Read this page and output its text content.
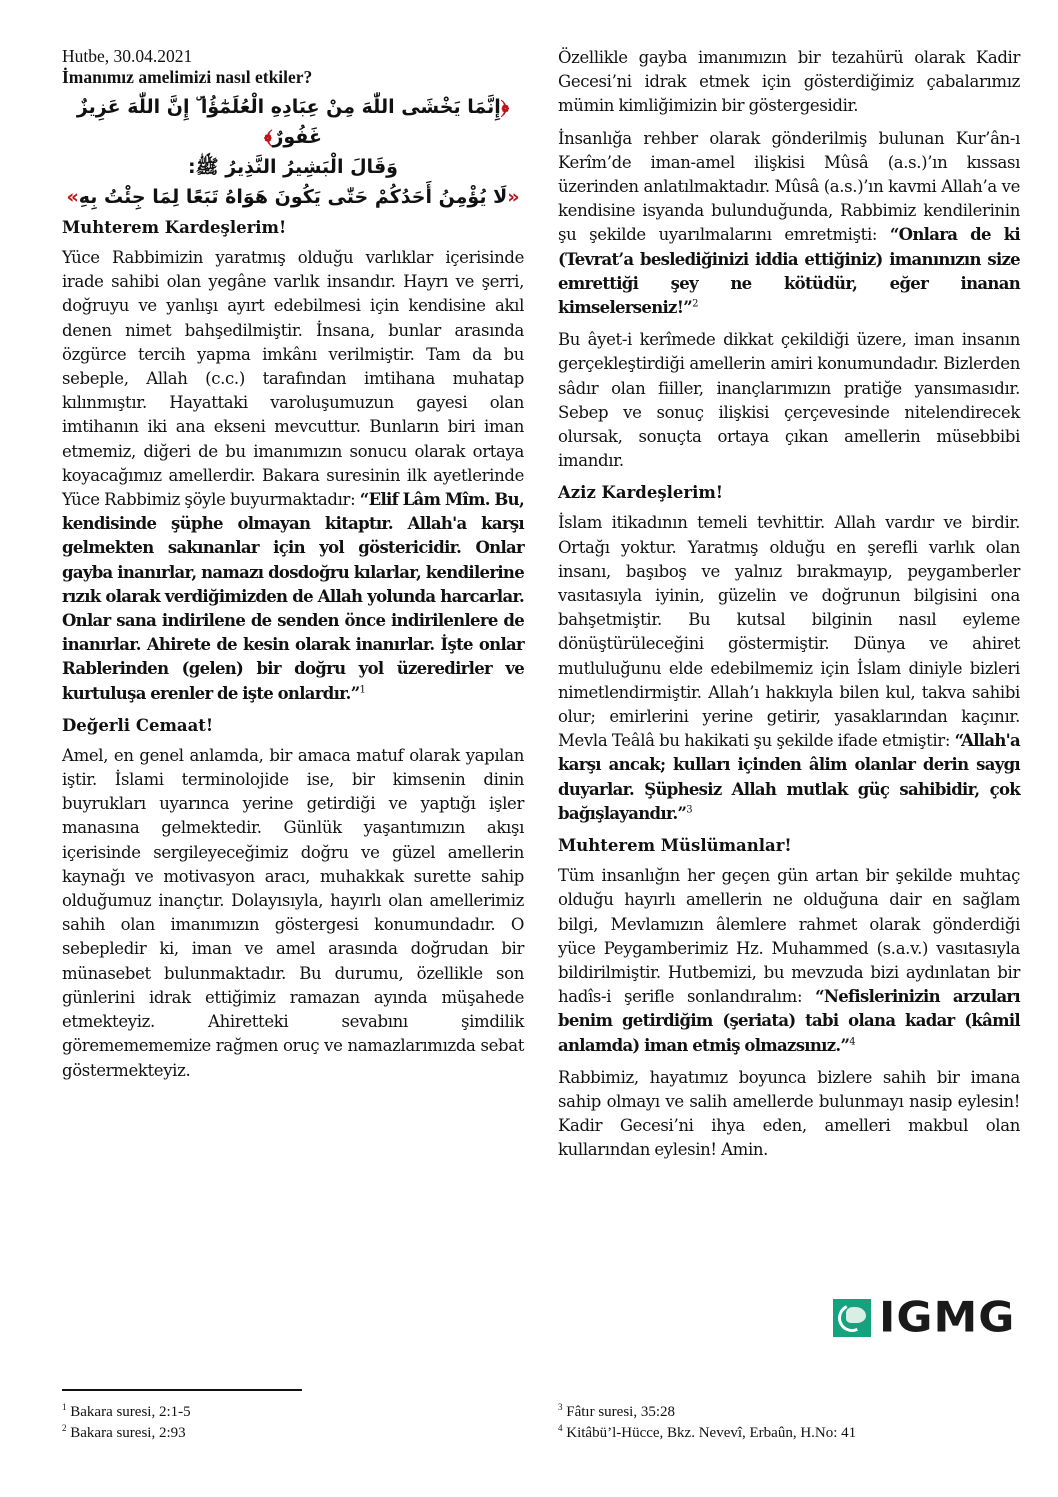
Hutbe, 30.04.2021
İmanımız amelimizi nasıl etkiler?
﴿إِنَّمَا يَخْشَى اللّٰهَ مِنْ عِبَادِهِ الْعُلَمٰٓؤُا ۜ إِنَّ اللّٰهَ عَزِيزٌ غَفُورٌ﴾
وَقَالَ الْبَشِيرُ النَّذِيرُ ﷺ:
«لَا يُؤْمِنُ أَحَدُكُمْ حَتّٰى يَكُونَ هَوَاهُ تَبَعًا لِمَا جِئْتُ بِهِ»
Muhterem Kardeşlerim!

Yüce Rabbimizin yaratmış olduğu varlıklar içerisinde irade sahibi olan yegâne varlık insandır. Hayrı ve şerri, doğruyu ve yanlışı ayırt edebilmesi için kendisine akıl denen nimet bahşedilmiştir. İnsana, bunlar arasında özgürce tercih yapma imkânı verilmiştir. Tam da bu sebeple, Allah (c.c.) tarafından imtihana muhatap kılınmıştır. Hayattaki varoluşumuzun gayesi olan imtihanın iki ana ekseni mevcuttur. Bunların biri iman etmemiz, diğeri de bu imanımızın sonucu olarak ortaya koyacağımız amellerdir. Bakara suresinin ilk ayetlerinde Yüce Rabbimiz şöyle buyurmaktadır: “Elif Lâm Mîm. Bu, kendisinde şüphe olmayan kitaptır. Allah'a karşı gelmekten sakınanlar için yol göstericidir. Onlar gayba inanırlar, namazı dosdoğru kılarlar, kendilerine rızık olarak verdiğimizden de Allah yolunda harcarlar. Onlar sana indirilene de senden önce indirilenlere de inanırlar. Ahirete de kesin olarak inanırlar. İşte onlar Rablerinden (gelen) bir doğru yol üzeredirler ve kurtuluşa erenler de işte onlardır.”$^1$

Değerli Cemaat!

Amel, en genel anlamda, bir amaca matuf olarak yapılan iştir. İslami terminolojide ise, bir kimsenin dinin buyrukları uyarınca yerine getirdiği ve yaptığı işler manasına gelmektedir. Günlük yaşantımızın akışı içerisinde sergileyeceğimiz doğru ve güzel amellerin kaynağı ve motivasyon aracı, muhakkak surette sahip olduğumuz inançtır. Dolayısıyla, hayırlı olan amellerimiz sahih olan imanımızın göstergesi konumundadır. O sebepledir ki, iman ve amel arasında doğrudan bir münasebet bulunmaktadır. Bu durumu, özellikle son günlerini idrak ettiğimiz ramazan ayında müşahede etmekteyiz. Ahiretteki sevabını şimdilik görememememize rağmen oruç ve namazlarımızda sebat göstermekteyiz.

Özellikle gayba imanımızın bir tezahürü olarak Kadir Gecesi’ni idrak etmek için gösterdiğimiz çabalarımız mümin kimliğimizin bir göstergesidir.

İnsanlığa rehber olarak gönderilmiş bulunan Kur’ân-ı Kerîm’de iman-amel ilişkisi Mûsâ (a.s.)’ın kıssası üzerinden anlatılmaktadır. Mûsâ (a.s.)’ın kavmi Allah’a ve kendisine isyanda bulunduğunda, Rabbimiz kendilerinin şu şekilde uyarılmalarını emretmişti: “Onlara de ki (Tevrat’a beslediğinizi iddia ettiğiniz) imanınızın size emrettiği şey ne kötüdür, eğer inanan kimselerseniz!”$^2$

Bu âyet-i kerîmede dikkat çekildiği üzere, iman insanın gerçekleştirdiği amellerin amiri konumundadır. Bizlerden sâdır olan fiiller, inançlarımızın pratiğe yansımasıdır. Sebep ve sonuç ilişkisi çerçevesinde nitelendirecek olursak, sonuçta ortaya çıkan amellerin müsebbibi imandır.

Aziz Kardeşlerim!

İslam itikadının temeli tevhittir. Allah vardır ve birdir. Ortağı yoktur. Yaratmış olduğu en şerefli varlık olan insanı, başıboş ve yalnız bırakmayıp, peygamberler vasıtasıyla iyinin, güzelin ve doğrunun bilgisini ona bahşetmiştir. Bu kutsal bilginin nasıl eyleme dönüştürüleceğini göstermiştir. Dünya ve ahiret mutluluğunu elde edebilmemiz için İslam diniyle bizleri nimetlendirmiştir. Allah’ı hakkıyla bilen kul, takva sahibi olur; emirlerini yerine getirir, yasaklarından kaçınır. Mevla Teâlâ bu hakikati şu şekilde ifade etmiştir: “Allah'a karşı ancak; kulları içinden âlim olanlar derin saygı duyarlar. Şüphesiz Allah mutlak güç sahibidir, çok bağışlayandır.”$^3$

Muhterem Müslümanlar!

Tüm insanlığın her geçen gün artan bir şekilde muhtaç olduğu hayırlı amellerin ne olduğuna dair en sağlam bilgi, Mevlamızın âlemlere rahmet olarak gönderdiği yüce Peygamberimiz Hz. Muhammed (s.a.v.) vasıtasıyla bildirilmiştir. Hutbemizi, bu mevzuda bizi aydınlatan bir hadîs-i şerifle sonlandıralım: “Nefislerinizin arzuları benim getirdiğim (şeriata) tabi olana kadar (kâmil anlamda) iman etmiş olmazsınız.”$^4$

Rabbimiz, hayatımız boyunca bizlere sahih bir imana sahip olmayı ve salih amellerde bulunmayı nasip eylesin! Kadir Gecesi’ni ihya eden, amelleri makbul olan kullarından eylesin! Amin.

IGMG
$^1$ Bakara suresi, 2:1-5
$^2$ Bakara suresi, 2:93
$^3$ Fâtır suresi, 35:28
$^4$ Kitâbü’l-Hücce, Bkz. Nevevî, Erbaûn, H.No: 41
